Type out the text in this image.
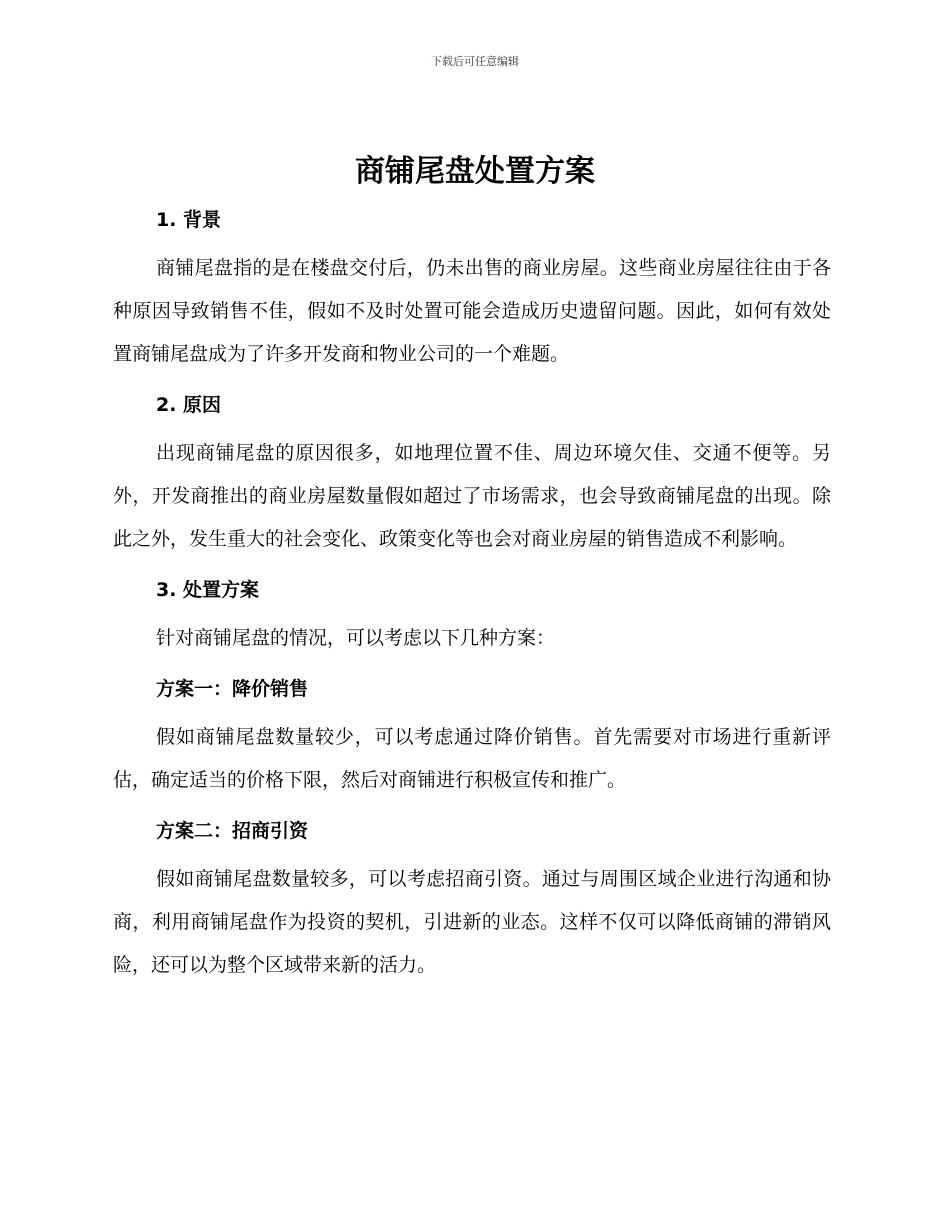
下载后可任意编辑
商铺尾盘处置方案

1. 背景

商铺尾盘指的是在楼盘交付后，仍未出售的商业房屋。这些商业房屋往往由于各种原因导致销售不佳，假如不及时处置可能会造成历史遗留问题。因此，如何有效处置商铺尾盘成为了许多开发商和物业公司的一个难题。

2. 原因

出现商铺尾盘的原因很多，如地理位置不佳、周边环境欠佳、交通不便等。另外，开发商推出的商业房屋数量假如超过了市场需求，也会导致商铺尾盘的出现。除此之外，发生重大的社会变化、政策变化等也会对商业房屋的销售造成不利影响。

3. 处置方案

针对商铺尾盘的情况，可以考虑以下几种方案：

方案一：降价销售

假如商铺尾盘数量较少，可以考虑通过降价销售。首先需要对市场进行重新评估，确定适当的价格下限，然后对商铺进行积极宣传和推广。

方案二：招商引资

假如商铺尾盘数量较多，可以考虑招商引资。通过与周围区域企业进行沟通和协商，利用商铺尾盘作为投资的契机，引进新的业态。这样不仅可以降低商铺的滞销风险，还可以为整个区域带来新的活力。
